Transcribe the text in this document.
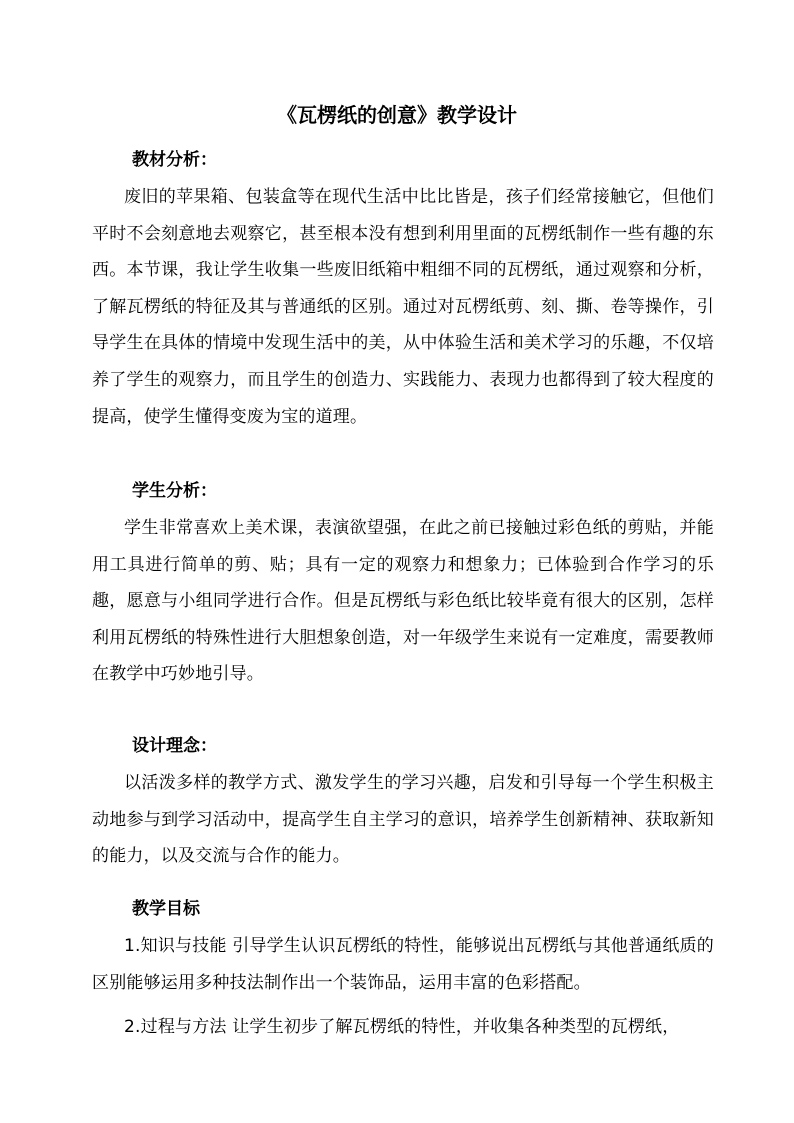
《瓦楞纸的创意》教学设计
教材分析：
废旧的苹果箱、包装盒等在现代生活中比比皆是，孩子们经常接触它，但他们平时不会刻意地去观察它，甚至根本没有想到利用里面的瓦楞纸制作一些有趣的东西。本节课，我让学生收集一些废旧纸箱中粗细不同的瓦楞纸，通过观察和分析，了解瓦楞纸的特征及其与普通纸的区别。通过对瓦楞纸剪、刻、撕、卷等操作，引导学生在具体的情境中发现生活中的美，从中体验生活和美术学习的乐趣，不仅培养了学生的观察力，而且学生的创造力、实践能力、表现力也都得到了较大程度的提高，使学生懂得变废为宝的道理。
学生分析：
学生非常喜欢上美术课，表演欲望强，在此之前已接触过彩色纸的剪贴，并能用工具进行简单的剪、贴；具有一定的观察力和想象力；已体验到合作学习的乐趣，愿意与小组同学进行合作。但是瓦楞纸与彩色纸比较毕竟有很大的区别，怎样利用瓦楞纸的特殊性进行大胆想象创造，对一年级学生来说有一定难度，需要教师在教学中巧妙地引导。
设计理念：
以活泼多样的教学方式、激发学生的学习兴趣，启发和引导每一个学生积极主动地参与到学习活动中，提高学生自主学习的意识，培养学生创新精神、获取新知的能力，以及交流与合作的能力。
教学目标
1.知识与技能 引导学生认识瓦楞纸的特性，能够说出瓦楞纸与其他普通纸质的区别能够运用多种技法制作出一个装饰品，运用丰富的色彩搭配。
2.过程与方法 让学生初步了解瓦楞纸的特性，并收集各种类型的瓦楞纸，
